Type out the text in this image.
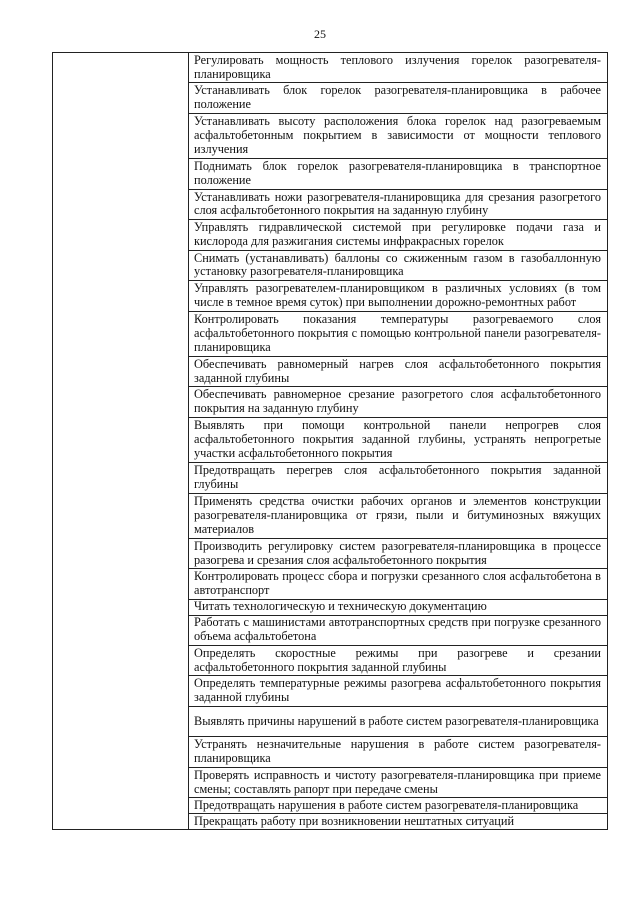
25
Регулировать мощность теплового излучения горелок разогревателя-планировщика
Устанавливать блок горелок разогревателя-планировщика в рабочее положение
Устанавливать высоту расположения блока горелок над разогреваемым асфальтобетонным покрытием в зависимости от мощности теплового излучения
Поднимать блок горелок разогревателя-планировщика в транспортное положение
Устанавливать ножи разогревателя-планировщика для срезания разогретого слоя асфальтобетонного покрытия на заданную глубину
Управлять гидравлической системой при регулировке подачи газа и кислорода для разжигания системы инфракрасных горелок
Снимать (устанавливать) баллоны со сжиженным газом в газобаллонную установку разогревателя-планировщика
Управлять разогревателем-планировщиком в различных условиях (в том числе в темное время суток) при выполнении дорожно-ремонтных работ
Контролировать показания температуры разогреваемого слоя асфальтобетонного покрытия с помощью контрольной панели разогревателя-планировщика
Обеспечивать равномерный нагрев слоя асфальтобетонного покрытия заданной глубины
Обеспечивать равномерное срезание разогретого слоя асфальтобетонного покрытия на заданную глубину
Выявлять при помощи контрольной панели непрогрев слоя асфальтобетонного покрытия заданной глубины, устранять непрогретые участки асфальтобетонного покрытия
Предотвращать перегрев слоя асфальтобетонного покрытия заданной глубины
Применять средства очистки рабочих органов и элементов конструкции разогревателя-планировщика от грязи, пыли и битуминозных вяжущих материалов
Производить регулировку систем разогревателя-планировщика в процессе разогрева и срезания слоя асфальтобетонного покрытия
Контролировать процесс сбора и погрузки срезанного слоя асфальтобетона в автотранспорт
Читать технологическую и техническую документацию
Работать с машинистами автотранспортных средств при погрузке срезанного объема асфальтобетона
Определять скоростные режимы при разогреве и срезании асфальтобетонного покрытия заданной глубины
Определять температурные режимы разогрева асфальтобетонного покрытия заданной глубины
Выявлять причины нарушений в работе систем разогревателя-планировщика
Устранять незначительные нарушения в работе систем разогревателя-планировщика
Проверять исправность и чистоту разогревателя-планировщика при приеме смены; составлять рапорт при передаче смены
Предотвращать нарушения в работе систем разогревателя-планировщика
Прекращать работу при возникновении нештатных ситуаций
